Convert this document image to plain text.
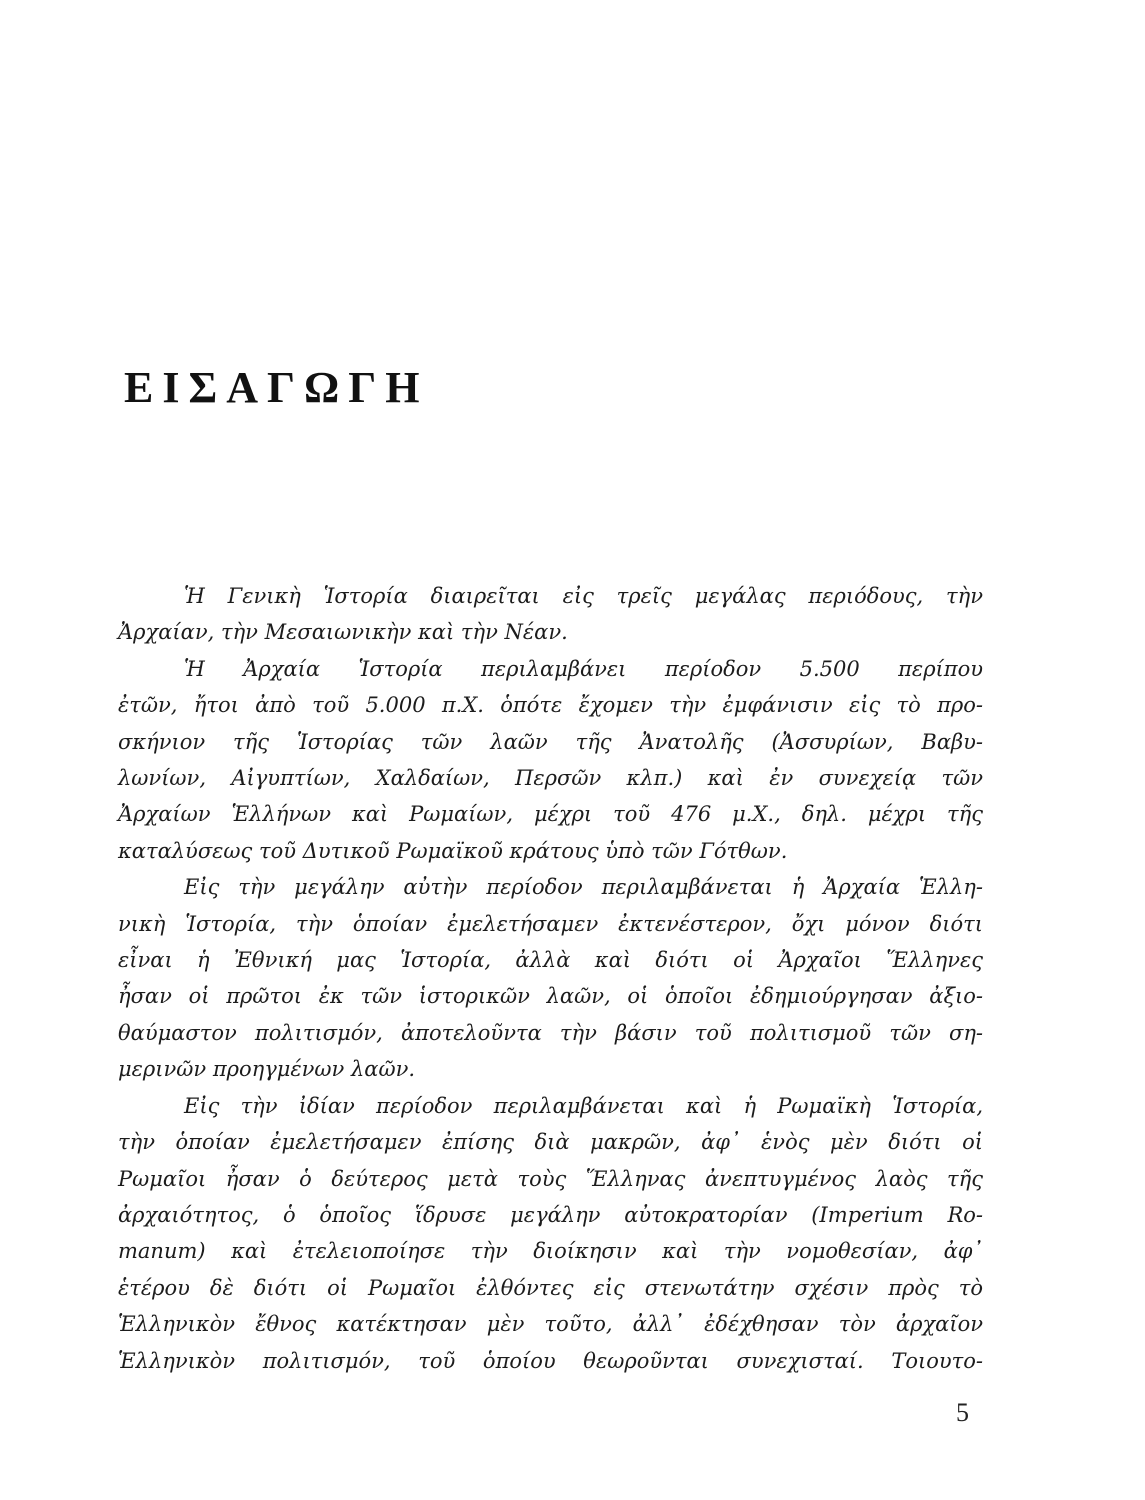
ΕΙΣΑΓΩΓΗ

Ἡ Γενικὴ Ἱστορία διαιρεῖται εἰς τρεῖς μεγάλας περιόδους, τὴν
Ἀρχαίαν, τὴν Μεσαιωνικὴν καὶ τὴν Νέαν.

Ἡ Ἀρχαία Ἱστορία περιλαμβάνει περίοδον 5.500 περίπου
ἐτῶν, ἤτοι ἀπὸ τοῦ 5.000 π.Χ. ὁπότε ἔχομεν τὴν ἐμφάνισιν εἰς τὸ προ-
σκήνιον τῆς Ἱστορίας τῶν λαῶν τῆς Ἀνατολῆς (Ἀσσυρίων, Βαβυ-
λωνίων, Αἰγυπτίων, Χαλδαίων, Περσῶν κλπ.) καὶ ἐν συνεχείᾳ τῶν
Ἀρχαίων Ἑλλήνων καὶ Ρωμαίων, μέχρι τοῦ 476 μ.Χ., δηλ. μέχρι τῆς
καταλύσεως τοῦ Δυτικοῦ Ρωμαϊκοῦ κράτους ὑπὸ τῶν Γότθων.

Εἰς τὴν μεγάλην αὐτὴν περίοδον περιλαμβάνεται ἡ Ἀρχαία Ἑλλη-
νικὴ Ἱστορία, τὴν ὁποίαν ἐμελετήσαμεν ἐκτενέστερον, ὄχι μόνον διότι
εἶναι ἡ Ἐθνική μας Ἱστορία, ἀλλὰ καὶ διότι οἱ Ἀρχαῖοι Ἕλληνες
ἦσαν οἱ πρῶτοι ἐκ τῶν ἱστορικῶν λαῶν, οἱ ὁποῖοι ἐδημιούργησαν ἀξιο-
θαύμαστον πολιτισμόν, ἀποτελοῦντα τὴν βάσιν τοῦ πολιτισμοῦ τῶν ση-
μερινῶν προηγμένων λαῶν.

Εἰς τὴν ἰδίαν περίοδον περιλαμβάνεται καὶ ἡ Ρωμαϊκὴ Ἱστορία,
τὴν ὁποίαν ἐμελετήσαμεν ἐπίσης διὰ μακρῶν, ἀφ᾽ ἑνὸς μὲν διότι οἱ
Ρωμαῖοι ἦσαν ὁ δεύτερος μετὰ τοὺς Ἕλληνας ἀνεπτυγμένος λαὸς τῆς
ἀρχαιότητος, ὁ ὁποῖος ἵδρυσε μεγάλην αὐτοκρατορίαν (Imperium Ro-
manum) καὶ ἐτελειοποίησε τὴν διοίκησιν καὶ τὴν νομοθεσίαν, ἀφ᾽
ἑτέρου δὲ διότι οἱ Ρωμαῖοι ἐλθόντες εἰς στενωτάτην σχέσιν πρὸς τὸ
Ἑλληνικὸν ἔθνος κατέκτησαν μὲν τοῦτο, ἀλλ᾽ ἐδέχθησαν τὸν ἀρχαῖον
Ἑλληνικὸν πολιτισμόν, τοῦ ὁποίου θεωροῦνται συνεχισταί. Τοιουτο-

5
